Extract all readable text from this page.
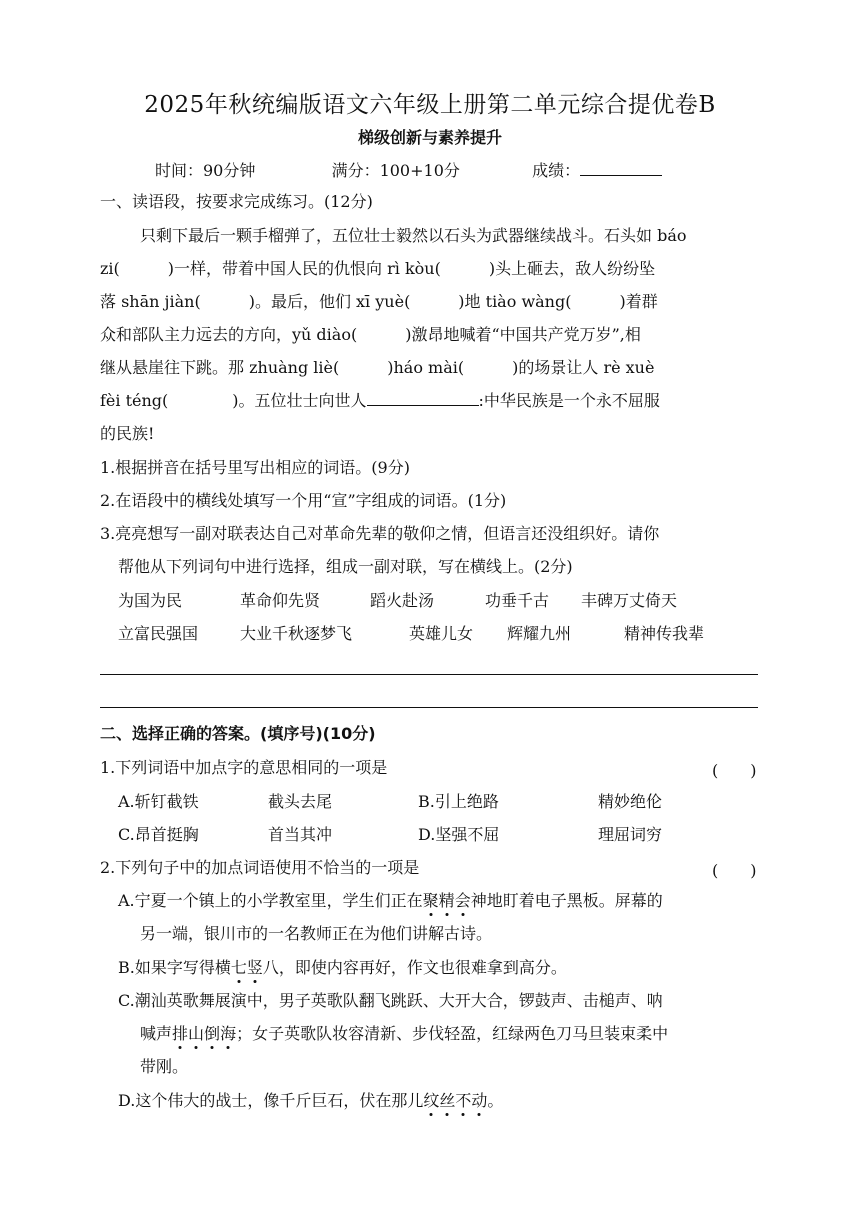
2025年秋统编版语文六年级上册第二单元综合提优卷B
梯级创新与素养提升
时间：90分钟	满分：100+10分	成绩：
一、读语段，按要求完成练习。(12分)
只剩下最后一颗手榴弹了，五位壮士毅然以石头为武器继续战斗。石头如 báo
zi(　　　)一样，带着中国人民的仇恨向 rì kòu(　　　)头上砸去，敌人纷纷坠
落 shān jiàn(　　　)。最后，他们 xī yuè(　　　)地 tiào wàng(　　　)着群
众和部队主力远去的方向，yǔ diào(　　　)激昂地喊着“中国共产党万岁”,相
继从悬崖往下跳。那 zhuàng liè(　　　)háo mài(　　　)的场景让人 rè xuè
fèi téng(　　　　)。五位壮士向世人	:中华民族是一个永不屈服
的民族!
1.根据拼音在括号里写出相应的词语。(9分)
2.在语段中的横线处填写一个用“宣”字组成的词语。(1分)
3.亮亮想写一副对联表达自己对革命先辈的敬仰之情，但语言还没组织好。请你
帮他从下列词句中进行选择，组成一副对联，写在横线上。(2分)
为国为民	革命仰先贤	蹈火赴汤	功垂千古 丰碑万丈倚天
立富民强国	大业千秋逐梦飞	英雄儿女 辉耀九州	精神传我辈
二、选择正确的答案。(填序号)(10分)
1.下列词语中加点字的意思相同的一项是	(　　)
A.斩钉截铁	截头去尾	B.引上绝路	精妙绝伦
C.昂首挺胸	首当其冲	D.坚强不屈	理屈词穷
2.下列句子中的加点词语使用不恰当的一项是	(　　)
A.宁夏一个镇上的小学教室里，学生们正在聚精会神地盯着电子黑板。屏幕的
另一端，银川市的一名教师正在为他们讲解古诗。
B.如果字写得横七竖八，即使内容再好，作文也很难拿到高分。
C.潮汕英歌舞展演中，男子英歌队翻飞跳跃、大开大合，锣鼓声、击槌声、呐
喊声排山倒海；女子英歌队妆容清新、步伐轻盈，红绿两色刀马旦装束柔中
带刚。
D.这个伟大的战士，像千斤巨石，伏在那儿纹丝不动。
